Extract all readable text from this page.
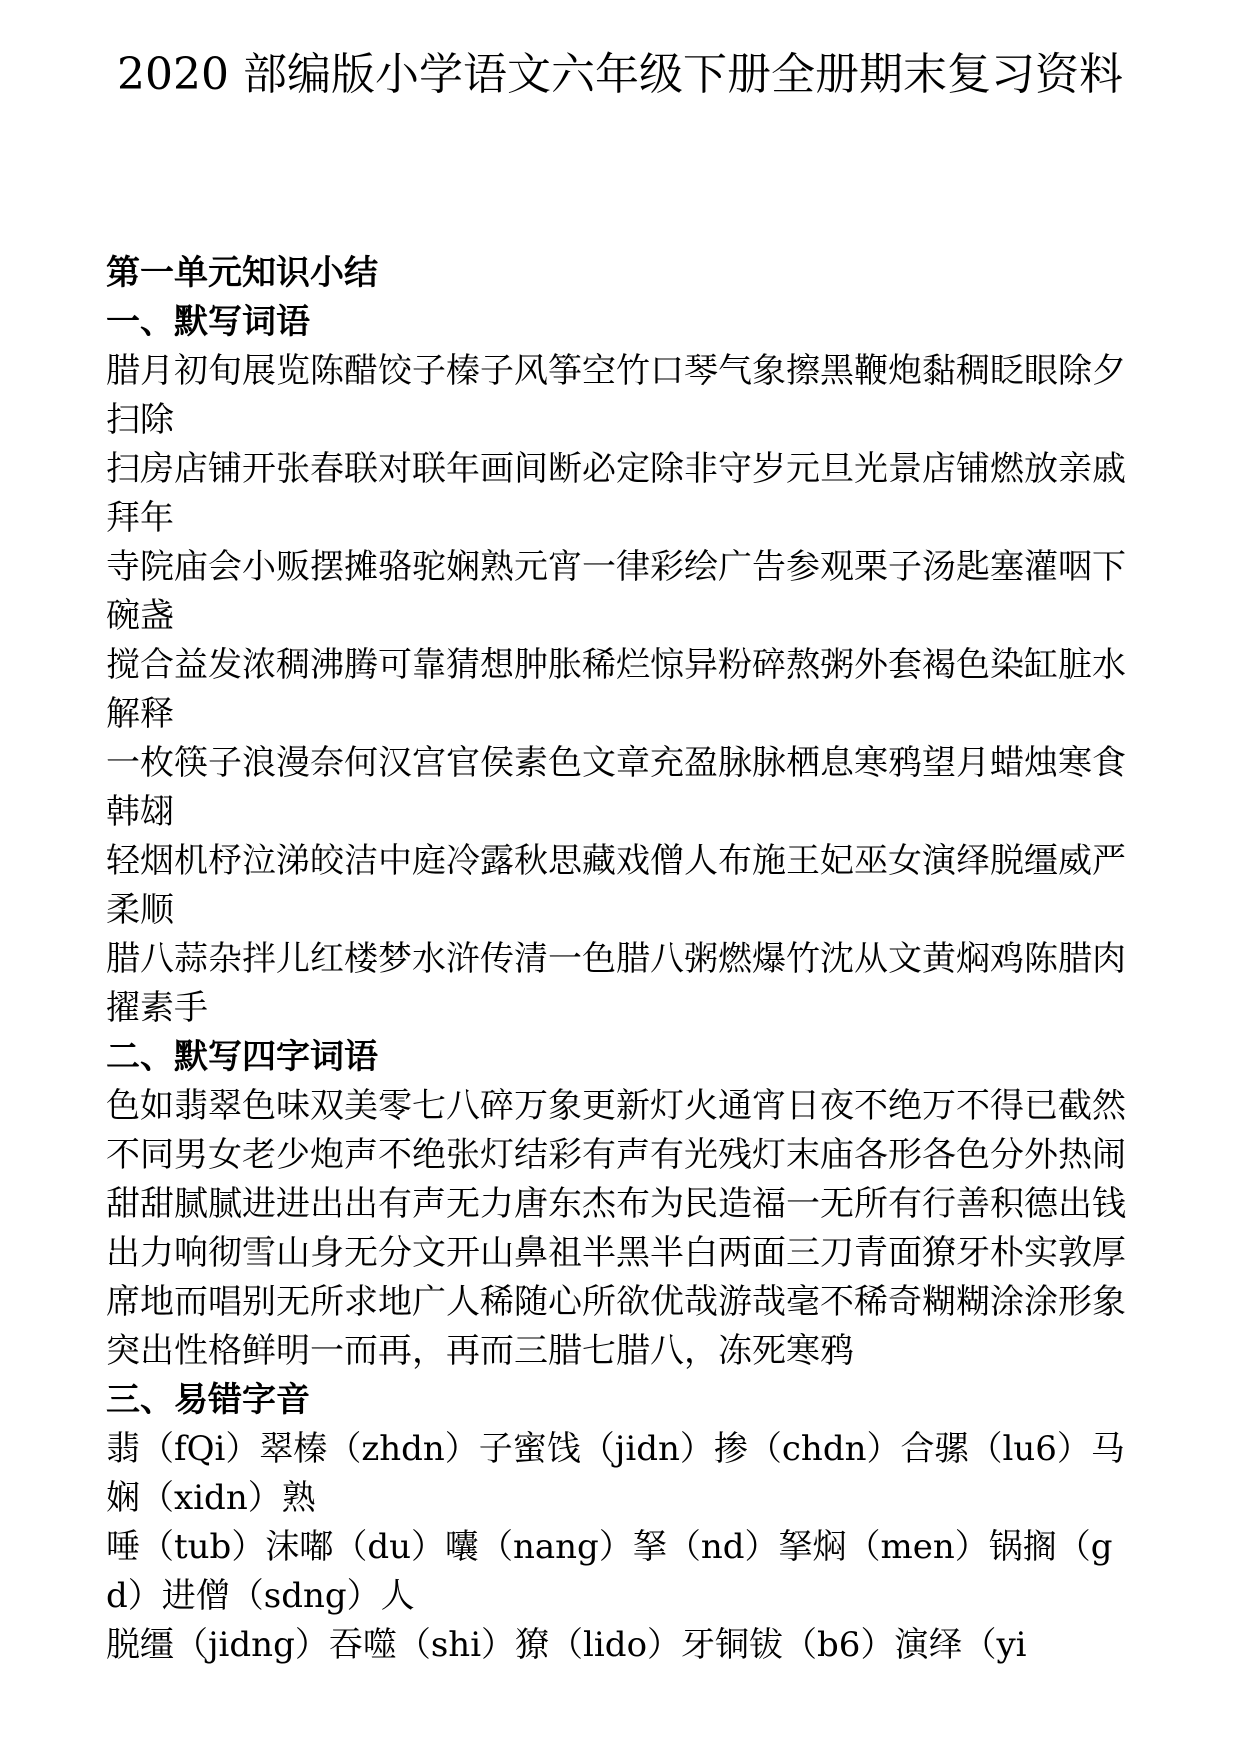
2020 部编版小学语文六年级下册全册期末复习资料

第一单元知识小结

一、默写词语

腊月初旬展览陈醋饺子榛子风筝空竹口琴气象擦黑鞭炮黏稠眨眼除夕扫除

扫房店铺开张春联对联年画间断必定除非守岁元旦光景店铺燃放亲戚拜年

寺院庙会小贩摆摊骆驼娴熟元宵一律彩绘广告参观栗子汤匙塞灌咽下碗盏

搅合益发浓稠沸腾可靠猜想肿胀稀烂惊异粉碎熬粥外套褐色染缸脏水解释

一枚筷子浪漫奈何汉宫官侯素色文章充盈脉脉栖息寒鸦望月蜡烛寒食韩翃

轻烟机杼泣涕皎洁中庭冷露秋思藏戏僧人布施王妃巫女演绎脱缰威严柔顺

腊八蒜杂拌儿红楼梦水浒传清一色腊八粥燃爆竹沈从文黄焖鸡陈腊肉擢素手

二、默写四字词语

色如翡翠色味双美零七八碎万象更新灯火通宵日夜不绝万不得已截然不同男女老少炮声不绝张灯结彩有声有光残灯末庙各形各色分外热闹甜甜腻腻进进出出有声无力唐东杰布为民造福一无所有行善积德出钱出力响彻雪山身无分文开山鼻祖半黑半白两面三刀青面獠牙朴实敦厚席地而唱别无所求地广人稀随心所欲优哉游哉毫不稀奇糊糊涂涂形象突出性格鲜明一而再，再而三腊七腊八，冻死寒鸦

三、易错字音

翡（fQi）翠榛（zhdn）子蜜饯（jidn）掺（chdn）合骡（lu6）马娴（xidn）熟

唾（tub）沫嘟（du）囔（nang）拏（nd）拏焖（men）锅搁（gd）进僧（sdng）人

脱缰（jidng）吞噬（shi）獠（lido）牙铜钹（b6）演绎（yi
